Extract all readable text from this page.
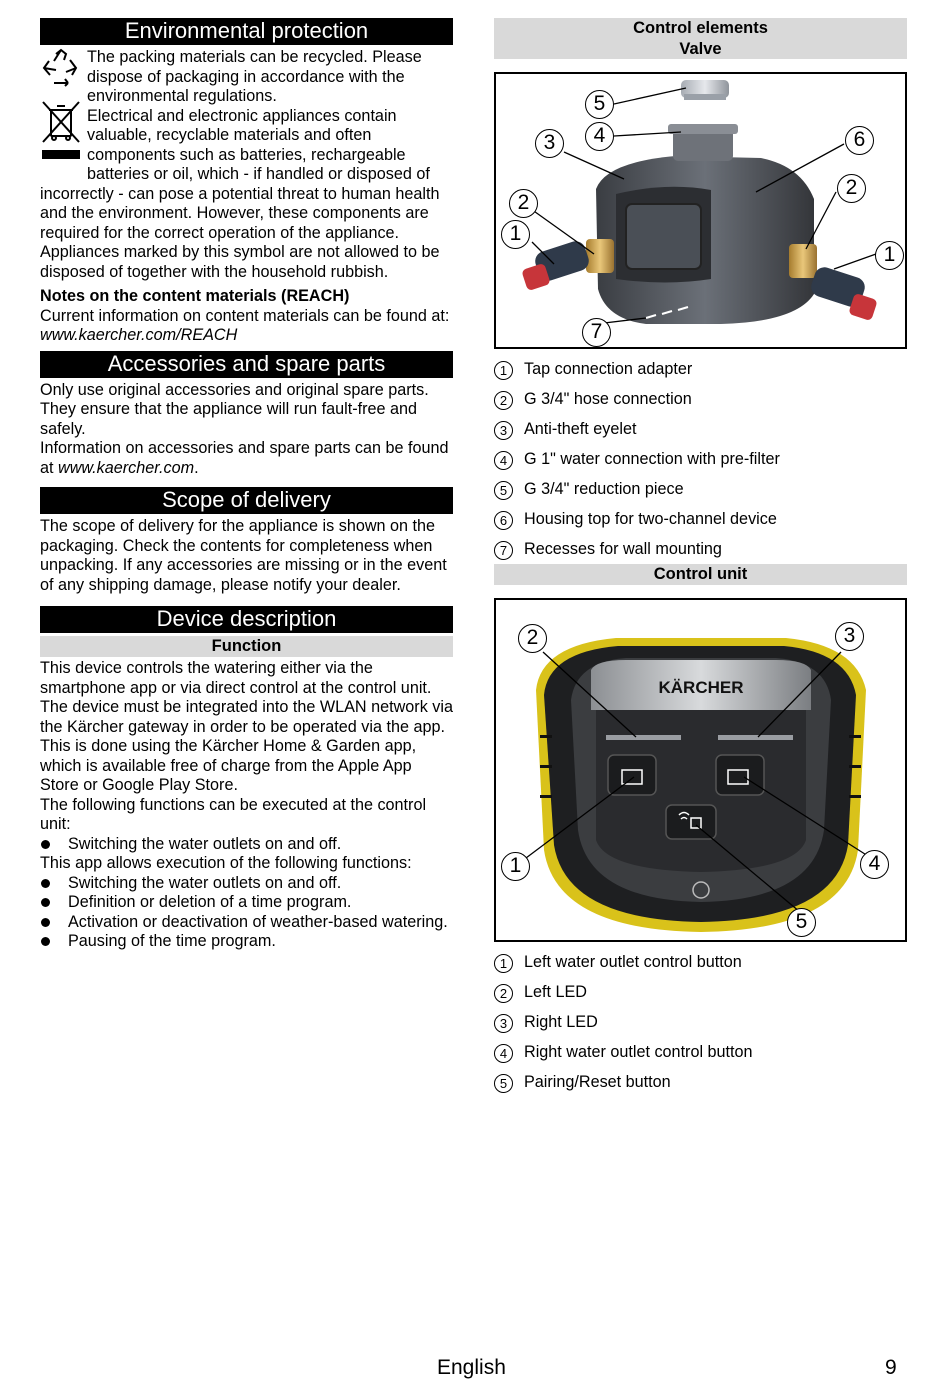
Environmental protection

The packing materials can be recycled. Please dispose of packaging in accordance with the environmental regulations.

Electrical and electronic appliances contain valuable, recyclable materials and often components such as batteries, rechargeable batteries or oil, which - if handled or disposed of incorrectly - can pose a potential threat to human health and the environment. However, these components are required for the correct operation of the appliance. Appliances marked by this symbol are not allowed to be disposed of together with the household rubbish.

Notes on the content materials (REACH)

Current information on content materials can be found at: www.kaercher.com/REACH

Accessories and spare parts

Only use original accessories and original spare parts. They ensure that the appliance will run fault-free and safely.

Information on accessories and spare parts can be found at www.kaercher.com.

Scope of delivery

The scope of delivery for the appliance is shown on the packaging. Check the contents for completeness when unpacking. If any accessories are missing or in the event of any shipping damage, please notify your dealer.

Device description
Function

This device controls the watering either via the smartphone app or via direct control at the control unit.

The device must be integrated into the WLAN network via the Kärcher gateway in order to be operated via the app.

This is done using the Kärcher Home & Garden app, which is available free of charge from the Apple App Store or Google Play Store.

The following functions can be executed at the control unit:

Switching the water outlets on and off.

This app allows execution of the following functions:

Switching the water outlets on and off.
Definition or deletion of a time program.
Activation or deactivation of weather-based watering.
Pausing of the time program.
Control elements
Valve
5
4
3	6
2
2
1
1
7
1	Tap connection adapter
2	G 3/4" hose connection
3	Anti-theft eyelet
4	G 1" water connection with pre-filter
5	G 3/4" reduction piece
6	Housing top for two-channel device
7	Recesses for wall mounting
Control unit
KÄRCHER
2	3
1	4
5
1	Left water outlet control button
2	Left LED
3	Right LED
4	Right water outlet control button
5	Pairing/Reset button
English	9
